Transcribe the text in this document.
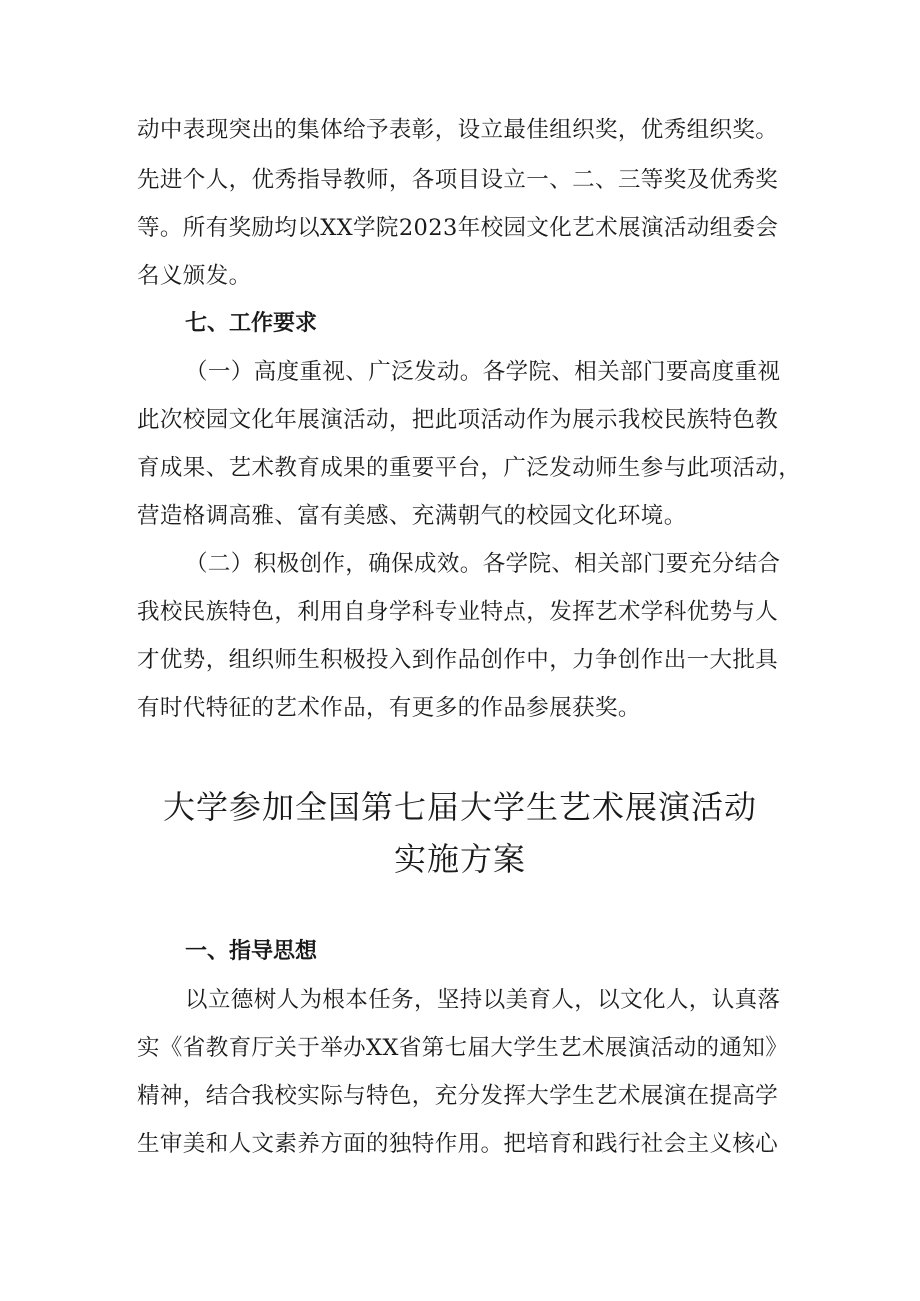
动中表现突出的集体给予表彰，设立最佳组织奖，优秀组织奖。
先进个人，优秀指导教师，各项目设立一、二、三等奖及优秀奖
等。所有奖励均以XX学院2023年校园文化艺术展演活动组委会
名义颁发。
七、工作要求
（一）高度重视、广泛发动。各学院、相关部门要高度重视
此次校园文化年展演活动，把此项活动作为展示我校民族特色教
育成果、艺术教育成果的重要平台，广泛发动师生参与此项活动，
营造格调高雅、富有美感、充满朝气的校园文化环境。
（二）积极创作，确保成效。各学院、相关部门要充分结合
我校民族特色，利用自身学科专业特点，发挥艺术学科优势与人
才优势，组织师生积极投入到作品创作中，力争创作出一大批具
有时代特征的艺术作品，有更多的作品参展获奖。
大学参加全国第七届大学生艺术展演活动
实施方案
一、指导思想
以立德树人为根本任务，坚持以美育人，以文化人，认真落
实《省教育厅关于举办XX省第七届大学生艺术展演活动的通知》
精神，结合我校实际与特色，充分发挥大学生艺术展演在提高学
生审美和人文素养方面的独特作用。把培育和践行社会主义核心
